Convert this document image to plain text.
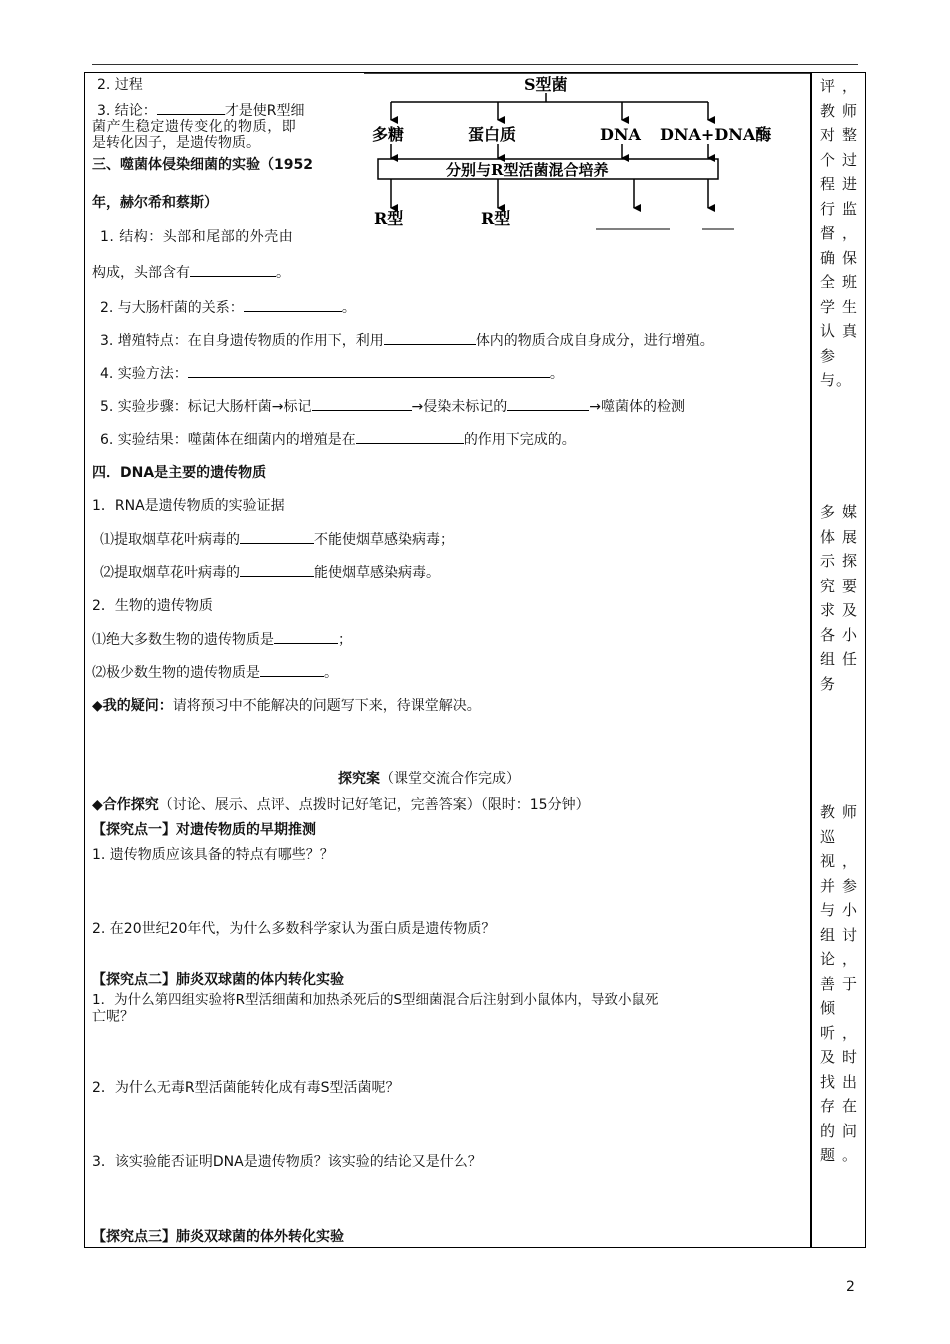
2. 过程
3. 结论：	才是使R型细
菌产生稳定遗传变化的物质，即
是转化因子，是遗传物质。
三、噬菌体侵染细菌的实验（1952
年，赫尔希和蔡斯）
1. 结构：头部和尾部的外壳由
构成，头部含有	。
2. 与大肠杆菌的关系：	。
3. 增殖特点：在自身遗传物质的作用下，利用	体内的物质合成自身成分，进行增殖。
4. 实验方法：	。
5. 实验步骤：标记大肠杆菌→标记	→侵染未标记的	→噬菌体的检测
6. 实验结果：噬菌体在细菌内的增殖是在	的作用下完成的。
四．DNA是主要的遗传物质
1．RNA是遗传物质的实验证据
⑴提取烟草花叶病毒的	不能使烟草感染病毒；
⑵提取烟草花叶病毒的	能使烟草感染病毒。
2．生物的遗传物质
⑴绝大多数生物的遗传物质是	；
⑵极少数生物的遗传物质是	。
◆我的疑问：请将预习中不能解决的问题写下来，待课堂解决。
探究案（课堂交流合作完成）
◆合作探究（讨论、展示、点评、点拨时记好笔记，完善答案）（限时：15分钟）
【探究点一】对遗传物质的早期推测
1. 遗传物质应该具备的特点有哪些？？
2. 在20世纪20年代，为什么多数科学家认为蛋白质是遗传物质？
【探究点二】肺炎双球菌的体内转化实验
1．为什么第四组实验将R型活细菌和加热杀死后的S型细菌混合后注射到小鼠体内，导致小鼠死
亡呢？
2．为什么无毒R型活菌能转化成有毒S型活菌呢？
3．该实验能否证明DNA是遗传物质？该实验的结论又是什么？
【探究点三】肺炎双球菌的体外转化实验
S型菌
多糖	蛋白质	DNA DNA+DNA酶
分别与R型活菌混合培养
R型	R型
评，
教 师
对 整
个 过
程进
行 监
督，
确 保
全 班
学 生
认 真
参
与。
多 媒
体 展
示 探
究 要
求 及
各 小
组 任
务
教 师
巡
视，
并 参
与 小
组 讨
论，
善 于
倾
听，
及 时
找 出
存 在
的 问
题。
2
